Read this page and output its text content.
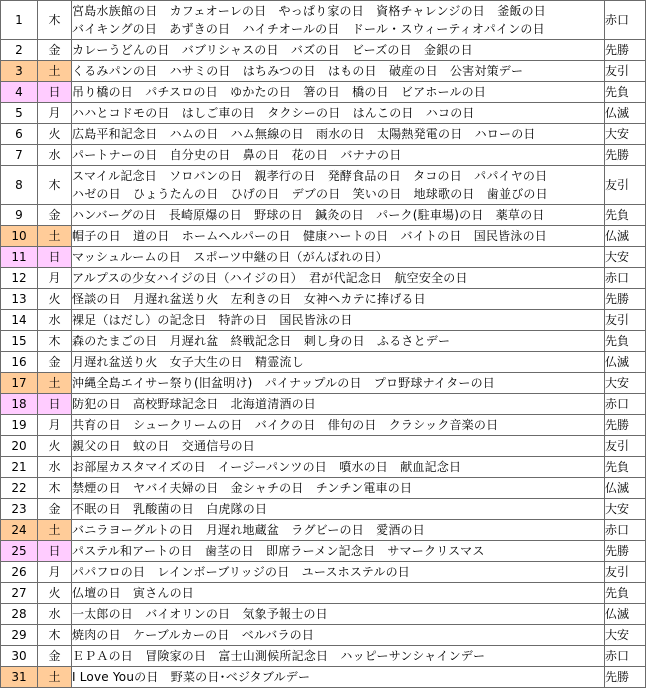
1	木	宮島水族館の日　カフェオーレの日　やっぱり家の日　資格チャレンジの日　釜飯の日
バイキングの日　あずきの日　ハイチオールの日　ドール・スウィーティオパインの日	赤口
2	金	カレーうどんの日　バブリシャスの日　バズの日　ビーズの日　金銀の日	先勝
3	土	くるみパンの日　ハサミの日　はちみつの日　はもの日　破産の日　公害対策デー	友引
4	日	吊り橋の日　パチスロの日　ゆかたの日　箸の日　橋の日　ビアホールの日	先負
5	月	ハハとコドモの日　はしご車の日　タクシーの日　はんこの日　ハコの日	仏滅
6	火	広島平和記念日　ハムの日　ハム無線の日　雨水の日　太陽熱発電の日　ハローの日	大安
7	水	パートナーの日　自分史の日　鼻の日　花の日　バナナの日	先勝
8	木	スマイル記念日　ソロバンの日　親孝行の日　発酵食品の日　タコの日　パパイヤの日
ハゼの日　ひょうたんの日　ひげの日　デブの日　笑いの日　地球歌の日　歯並びの日	友引
9	金	ハンバーグの日　長崎原爆の日　野球の日　鍼灸の日　パーク(駐車場)の日　薬草の日	先負
10	土	帽子の日　道の日　ホームヘルパーの日　健康ハートの日　バイトの日　国民皆泳の日	仏滅
11	日	マッシュルームの日　スポーツ中継の日（がんばれの日）	大安
12	月	アルプスの少女ハイジの日（ハイジの日）　君が代記念日　航空安全の日	赤口
13	火	怪談の日　月遅れ盆送り火　左利きの日　女神ヘカテに捧げる日	先勝
14	水	裸足（はだし）の記念日　特許の日　国民皆泳の日	友引
15	木	森のたまごの日　月遅れ盆　終戦記念日　刺し身の日　ふるさとデー	先負
16	金	月遅れ盆送り火　女子大生の日　精霊流し	仏滅
17	土	沖縄全島エイサー祭り(旧盆明け)　パイナップルの日　プロ野球ナイターの日	大安
18	日	防犯の日　高校野球記念日　北海道清酒の日	赤口
19	月	共育の日　シュークリームの日　バイクの日　俳句の日　クラシック音楽の日	先勝
20	火	親父の日　蚊の日　交通信号の日	友引
21	水	お部屋カスタマイズの日　イージーパンツの日　噴水の日　献血記念日	先負
22	木	禁煙の日　ヤバイ夫婦の日　金シャチの日　チンチン電車の日	仏滅
23	金	不眠の日　乳酸菌の日　白虎隊の日	大安
24	土	バニラヨーグルトの日　月遅れ地蔵盆　ラグビーの日　愛酒の日	赤口
25	日	パステル和アートの日　歯茎の日　即席ラーメン記念日　サマークリスマス	先勝
26	月	パパフロの日　レインボーブリッジの日　ユースホステルの日	友引
27	火	仏壇の日　寅さんの日	先負
28	水	一太郎の日　バイオリンの日　気象予報士の日	仏滅
29	木	焼肉の日　ケーブルカーの日　ベルバラの日	大安
30	金	ＥＰＡの日　冒険家の日　富士山測候所記念日　ハッピーサンシャインデー	赤口
31	土	I Love Youの日　野菜の日･ベジタブルデー	先勝
